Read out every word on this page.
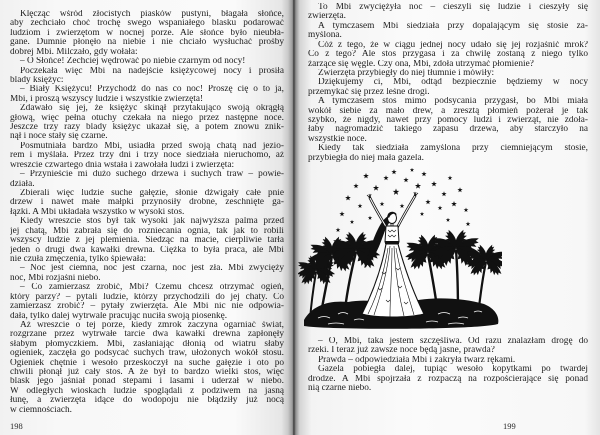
Klęcząc wśród złocistych piasków pustyni, błagała słońce,
aby zechciało choć trochę swego wspaniałego blasku podarować
ludziom i zwierzętom w nocnej porze. Ale słońce było nieubła-
gane. Dumnie płonęło na niebie i nie chciało wysłuchać prośby
dobrej Mbi. Milczało, gdy wołała:
– O Słońce! Zechciej wędrować po niebie czarnym od nocy!
Poczekała więc Mbi na nadejście księżycowej nocy i prosiła
blady księżyc:
– Biały Księżycu! Przychodź do nas co noc! Proszę cię o to ja,
Mbi, i proszą wszyscy ludzie i wszystkie zwierzęta!
Zdawało się jej, że księżyc skinął przytakująco swoją okrągłą
głową, więc pełna otuchy czekała na niego przez następne noce.
Jeszcze trzy razy blady księżyc ukazał się, a potem znowu znik-
nął i noce stały się czarne.
Posmutniała bardzo Mbi, usiadła przed swoją chatą nad jezio-
rem i myślała. Przez trzy dni i trzy noce siedziała nieruchomo, aż
wreszcie czwartego dnia wstała i zawołała ludzi i zwierzęta:
– Przynieście mi dużo suchego drzewa i suchych traw – powie-
działa.
Zbierali więc ludzie suche gałęzie, słonie dźwigały całe pnie
drzew i nawet małe małpki przynosiły drobne, zeschnięte ga-
łązki. A Mbi układała wszystko w wysoki stos.
Kiedy wreszcie stos był tak wysoki jak najwyższa palma przed
jej chatą, Mbi zabrała się do rozniecania ognia, tak jak to robili
wszyscy ludzie z jej plemienia. Siedząc na macie, cierpliwie tarła
jeden o drugi dwa kawałki drewna. Ciężka to była praca, ale Mbi
nie czuła zmęczenia, tylko śpiewała:
– Noc jest ciemna, noc jest czarna, noc jest zła. Mbi zwycięży
noc, Mbi rozjaśni niebo.
– Co zamierzasz zrobić, Mbi? Czemu chcesz otrzymać ogień,
który parzy? – pytali ludzie, którzy przychodzili do jej chaty. Co
zamierzasz zrobić? – pytały zwierzęta. Ale Mbi nic nie odpowia-
dała, tylko dalej wytrwale pracując nuciła swoją piosenkę.
Aż wreszcie o tej porze, kiedy zmrok zaczyna ogarniać świat,
rozgrzane przez wytrwałe tarcie dwa kawałki drewna zapłonęły
słabym płomyczkiem. Mbi, zasłaniając dłonią od wiatru słaby
ogieniek, zaczęła go podsycać suchych traw, ułożonych wokół stosu.
Ogieniek chętnie i wesoło przeskoczył na suche gałęzie i oto po
chwili płonął już cały stos. A że był to bardzo wielki stos, więc
blask jego jaśniał ponad stepami i lasami i uderzał w niebo.
W odległych wioskach ludzie spoglądali z podziwem na jasną
łunę, a zwierzęta idące do wodopoju nie błądziły już nocą
w ciemnościach.
198
To Mbi zwyciężyła noc – cieszyli się ludzie i cieszyły się
zwierzęta.
A tymczasem Mbi siedziała przy dopalającym się stosie za-
myślona.
Cóż z tego, że w ciągu jednej nocy udało się jej rozjaśnić mrok?
Co z tego? Ale stos przygasa i za chwilę zostaną z niego tylko
żarzące się węgle. Czy ona, Mbi, zdoła utrzymać płomienie?
Zwierzęta przybiegły do niej tłumnie i mówiły:
Dziękujemy ci, Mbi, odtąd bezpiecznie będziemy w nocy
przemykać się przez leśne drogi.
A tymczasem stos mimo podsycania przygasł, bo Mbi miała
wokół siebie za mało drew, a zresztą płomień pożerał je tak
szybko, że nigdy, nawet przy pomocy ludzi i zwierząt, nie zdoła-
łaby nagromadzić takiego zapasu drzewa, aby starczyło na
wszystkie noce.
Kiedy tak siedziała zamyślona przy ciemniejącym stosie,
przybiegła do niej mała gazela.
– O, Mbi, taka jestem szczęśliwa. Od razu znalazłam drogę do
rzeki. I teraz już zawsze noce będą jasne, prawda?
Prawda – odpowiedziała Mbi i zakryła twarz rękami.
Gazela pobiegła dalej, tupiąc wesoło kopytkami po twardej
drodze. A Mbi spojrzała z rozpaczą na rozpościerające się ponad
nią czarne niebo.
199
